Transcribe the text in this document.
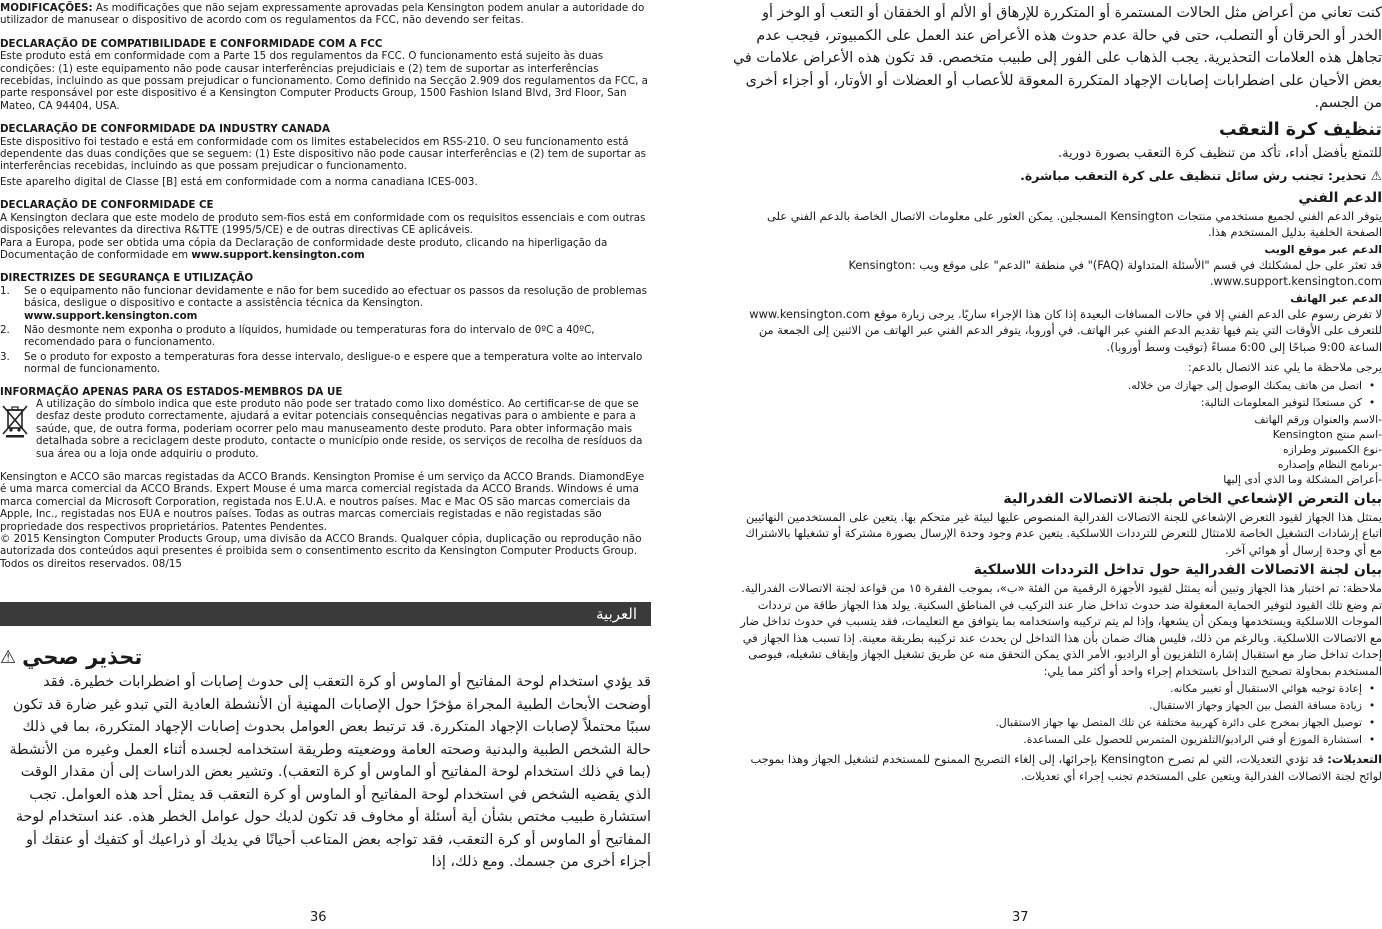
MODIFICAÇÕES: As modificações que não sejam expressamente aprovadas pela Kensington podem anular a autoridade do utilizador de manusear o dispositivo de acordo com os regulamentos da FCC, não devendo ser feitas.

DECLARAÇÃO DE COMPATIBILIDADE E CONFORMIDADE COM A FCC

Este produto está em conformidade com a Parte 15 dos regulamentos da FCC. O funcionamento está sujeito às duas condições: (1) este equipamento não pode causar interferências prejudiciais e (2) tem de suportar as interferências recebidas, incluindo as que possam prejudicar o funcionamento. Como definido na Secção 2.909 dos regulamentos da FCC, a parte responsável por este dispositivo é a Kensington Computer Products Group, 1500 Fashion Island Blvd, 3rd Floor, San Mateo, CA 94404, USA.

DECLARAÇÃO DE CONFORMIDADE DA INDUSTRY CANADA

Este dispositivo foi testado e está em conformidade com os limites estabelecidos em RSS-210. O seu funcionamento está dependente das duas condições que se seguem: (1) Este dispositivo não pode causar interferências e (2) tem de suportar as interferências recebidas, incluindo as que possam prejudicar o funcionamento.

Este aparelho digital de Classe [B] está em conformidade com a norma canadiana ICES-003.

DECLARAÇÃO DE CONFORMIDADE CE

A Kensington declara que este modelo de produto sem-fios está em conformidade com os requisitos essenciais e com outras disposições relevantes da directiva R&TTE (1995/5/CE) e de outras directivas CE aplicáveis.

Para a Europa, pode ser obtida uma cópia da Declaração de conformidade deste produto, clicando na hiperligação da Documentação de conformidade em www.support.kensington.com

DIRECTRIZES DE SEGURANÇA E UTILIZAÇÃO

1.	Se o equipamento não funcionar devidamente e não for bem sucedido ao efectuar os passos da resolução de problemas básica, desligue o dispositivo e contacte a assistência técnica da Kensington.
www.support.kensington.com
2.	Não desmonte nem exponha o produto a líquidos, humidade ou temperaturas fora do intervalo de 0ºC a 40ºC, recomendado para o funcionamento.
3.	Se o produto for exposto a temperaturas fora desse intervalo, desligue-o e espere que a temperatura volte ao intervalo normal de funcionamento.

INFORMAÇÃO APENAS PARA OS ESTADOS-MEMBROS DA UE

A utilização do símbolo indica que este produto não pode ser tratado como lixo doméstico. Ao certificar-se de que se desfaz deste produto correctamente, ajudará a evitar potenciais consequências negativas para o ambiente e para a saúde, que, de outra forma, poderiam ocorrer pelo mau manuseamento deste produto. Para obter informação mais detalhada sobre a reciclagem deste produto, contacte o município onde reside, os serviços de recolha de resíduos da sua área ou a loja onde adquiriu o produto.

Kensington e ACCO são marcas registadas da ACCO Brands. Kensington Promise é um serviço da ACCO Brands. DiamondEye é uma marca comercial da ACCO Brands. Expert Mouse é uma marca comercial registada da ACCO Brands. Windows é uma marca comercial da Microsoft Corporation, registada nos E.U.A. e noutros países. Mac e Mac OS são marcas comerciais da Apple, Inc., registadas nos EUA e noutros países. Todas as outras marcas comerciais registadas e não registadas são propriedade dos respectivos proprietários. Patentes Pendentes.

© 2015 Kensington Computer Products Group, uma divisão da ACCO Brands. Qualquer cópia, duplicação ou reprodução não autorizada dos conteúdos aqui presentes é proibida sem o consentimento escrito da Kensington Computer Products Group. Todos os direitos reservados. 08/15

العربية
تحذير صحي
⚠

قد يؤدي استخدام لوحة المفاتيح أو الماوس أو كرة التعقب إلى حدوث إصابات أو اضطرابات خطيرة. فقد أوضحت الأبحاث الطبية المجراة مؤخرًا حول الإصابات المهنية أن الأنشطة العادية التي تبدو غير ضارة قد تكون سببًا محتملاً لإصابات الإجهاد المتكررة. قد ترتبط بعض العوامل بحدوث إصابات الإجهاد المتكررة، بما في ذلك حالة الشخص الطبية والبدنية وصحته العامة ووضعيته وطريقة استخدامه لجسده أثناء العمل وغيره من الأنشطة (بما في ذلك استخدام لوحة المفاتيح أو الماوس أو كرة التعقب). وتشير بعض الدراسات إلى أن مقدار الوقت الذي يقضيه الشخص في استخدام لوحة المفاتيح أو الماوس أو كرة التعقب قد يمثل أحد هذه العوامل. تجب استشارة طبيب مختص بشأن أية أسئلة أو مخاوف قد تكون لديك حول عوامل الخطر هذه. عند استخدام لوحة المفاتيح أو الماوس أو كرة التعقب، فقد تواجه بعض المتاعب أحيانًا في يديك أو ذراعيك أو كتفيك أو عنقك أو أجزاء أخرى من جسمك. ومع ذلك، إذا

36

كنت تعاني من أعراض مثل الحالات المستمرة أو المتكررة للإرهاق أو الألم أو الخفقان أو التعب أو الوخز أو الخدر أو الحرقان أو التصلب، حتى في حالة عدم حدوث هذه الأعراض عند العمل على الكمبيوتر، فيجب عدم تجاهل هذه العلامات التحذيرية. يجب الذهاب على الفور إلى طبيب متخصص. قد تكون هذه الأعراض علامات في بعض الأحيان على اضطرابات إصابات الإجهاد المتكررة المعوقة للأعصاب أو العضلات أو الأوتار، أو أجزاء أخرى من الجسم.

تنظيف كرة التعقب

للتمتع بأفضل أداء، تأكد من تنظيف كرة التعقب بصورة دورية.

⚠ تحذير: تجنب رش سائل تنظيف على كرة التعقب مباشرة.

الدعم الفني

يتوفر الدعم الفني لجميع مستخدمي منتجات Kensington المسجلين. يمكن العثور على معلومات الاتصال الخاصة بالدعم الفني على الصفحة الخلفية بدليل المستخدم هذا.

الدعم عبر موقع الويب

قد تعثر على حل لمشكلتك في قسم "الأسئلة المتداولة (FAQ)" في منطقة "الدعم" على موقع ويب Kensington: www.support.kensington.com.

الدعم عبر الهاتف

لا تفرض رسوم على الدعم الفني إلا في حالات المسافات البعيدة إذا كان هذا الإجراء ساريًا. يرجى زيارة موقع www.kensington.com للتعرف على الأوقات التي يتم فيها تقديم الدعم الفني عبر الهاتف. في أوروبا، يتوفر الدعم الفني عبر الهاتف من الاثنين إلى الجمعة من الساعة 9:00 صباحًا إلى 6:00 مساءً (توقيت وسط أوروبا).

يرجى ملاحظة ما يلي عند الاتصال بالدعم:

•
اتصل من هاتف يمكنك الوصول إلى جهازك من خلاله.
•
كن مستعدًا لتوفير المعلومات التالية:

-الاسم والعنوان ورقم الهاتف

-اسم منتج Kensington

-نوع الكمبيوتر وطرازه

-برنامج النظام وإصداره

-أعراض المشكلة وما الذي أدى إليها

بيان التعرض الإشعاعي الخاص بلجنة الاتصالات الفدرالية

يمتثل هذا الجهاز لقيود التعرض الإشعاعي للجنة الاتصالات الفدرالية المنصوص عليها لبيئة غير متحكم بها. يتعين على المستخدمين النهائيين اتباع إرشادات التشغيل الخاصة للامتثال للتعرض للترددات اللاسلكية. يتعين عدم وجود وحدة الإرسال بصورة مشتركة أو تشغيلها بالاشتراك مع أي وحدة إرسال أو هوائي آخر.

بيان لجنة الاتصالات الفدرالية حول تداخل الترددات اللاسلكية

ملاحظة: تم اختبار هذا الجهاز وتبين أنه يمتثل لقيود الأجهزة الرقمية من الفئة «ب»، بموجب الفقرة ١٥ من قواعد لجنة الاتصالات الفدرالية. تم وضع تلك القيود لتوفير الحماية المعقولة ضد حدوث تداخل ضار عند التركيب في المناطق السكنية. يولد هذا الجهاز طاقة من ترددات الموجات اللاسلكية ويستخدمها ويمكن أن يشعها، وإذا لم يتم تركيبه واستخدامه بما يتوافق مع التعليمات، فقد يتسبب في حدوث تداخل ضار مع الاتصالات اللاسلكية. وبالرغم من ذلك، فليس هناك ضمان بأن هذا التداخل لن يحدث عند تركيبه بطريقة معينة. إذا تسبب هذا الجهاز في إحداث تداخل ضار مع استقبال إشارة التلفزيون أو الراديو، الأمر الذي يمكن التحقق منه عن طريق تشغيل الجهاز وإيقاف تشغيله، فيوصى المستخدم بمحاولة تصحيح التداخل باستخدام إجراء واحد أو أكثر مما يلي:

•
إعادة توجيه هوائي الاستقبال أو تغيير مكانه.
•
زيادة مسافة الفصل بين الجهاز وجهاز الاستقبال.
•
توصيل الجهاز بمخرج على دائرة كهربية مختلفة عن تلك المتصل بها جهاز الاستقبال.
•
استشارة الموزع أو فني الراديو/التلفزيون المتمرس للحصول على المساعدة.

التعديلات: قد تؤدي التعديلات، التي لم تصرح Kensington بإجرائها، إلى إلغاء التصريح الممنوح للمستخدم لتشغيل الجهاز وهذا بموجب لوائح لجنة الاتصالات الفدرالية ويتعين على المستخدم تجنب إجراء أي تعديلات.

37
